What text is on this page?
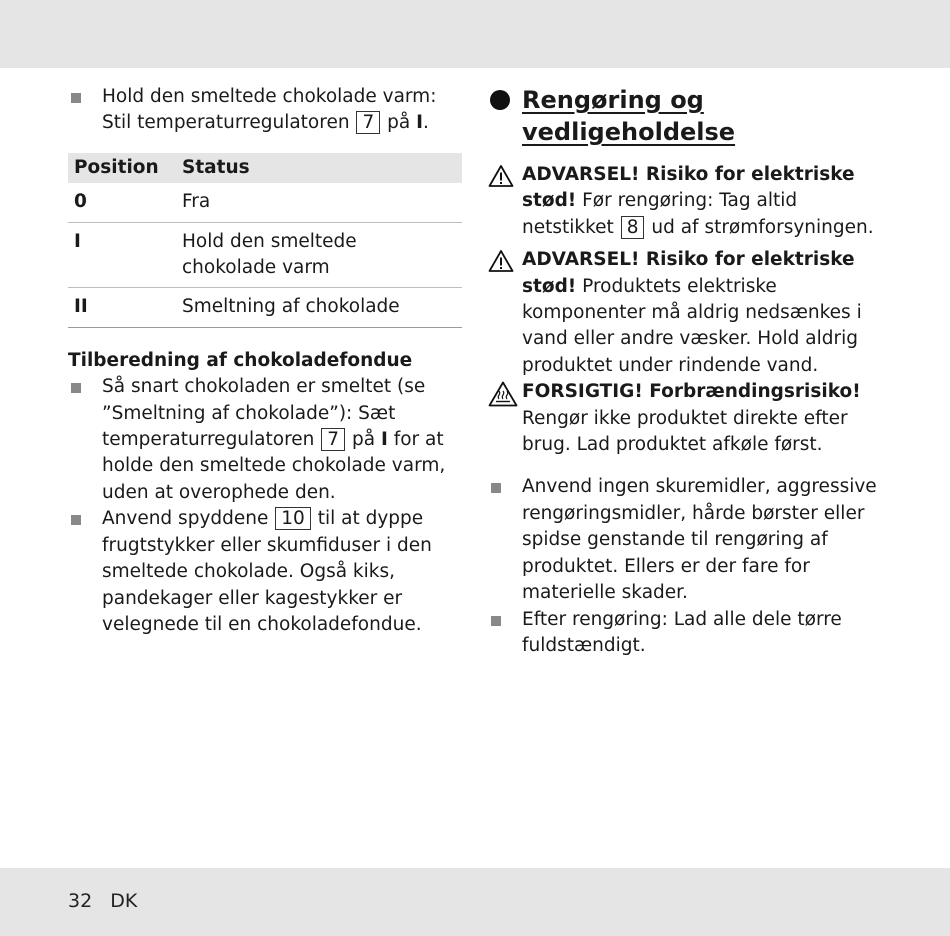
Hold den smeltede chokolade varm: Stil temperaturregulatoren 7 på I.
Position	Status
0	Fra
I	Hold den smeltede chokolade varm
II	Smeltning af chokolade
Tilberedning af chokoladefondue
Så snart chokoladen er smeltet (se ”Smeltning af chokolade”): Sæt temperaturregulatoren 7 på I for at holde den smeltede chokolade varm, uden at overophede den.
Anvend spyddene 10 til at dyppe frugtstykker eller skumfiduser i den smeltede chokolade. Også kiks, pandekager eller kagestykker er velegnede til en chokoladefondue.
Rengøring og
vedligeholdelse
ADVARSEL! Risiko for elektriske stød! Før rengøring: Tag altid netstikket 8 ud af strømforsyningen.
ADVARSEL! Risiko for elektriske stød! Produktets elektriske komponenter må aldrig nedsænkes i vand eller andre væsker. Hold aldrig produktet under rindende vand.
FORSIGTIG! Forbrændingsrisiko!
Rengør ikke produktet direkte efter brug. Lad produktet afkøle først.
Anvend ingen skuremidler, aggressive rengøringsmidler, hårde børster eller spidse genstande til rengøring af produktet. Ellers er der fare for materielle skader.
Efter rengøring: Lad alle dele tørre fuldstændigt.
32 DK
